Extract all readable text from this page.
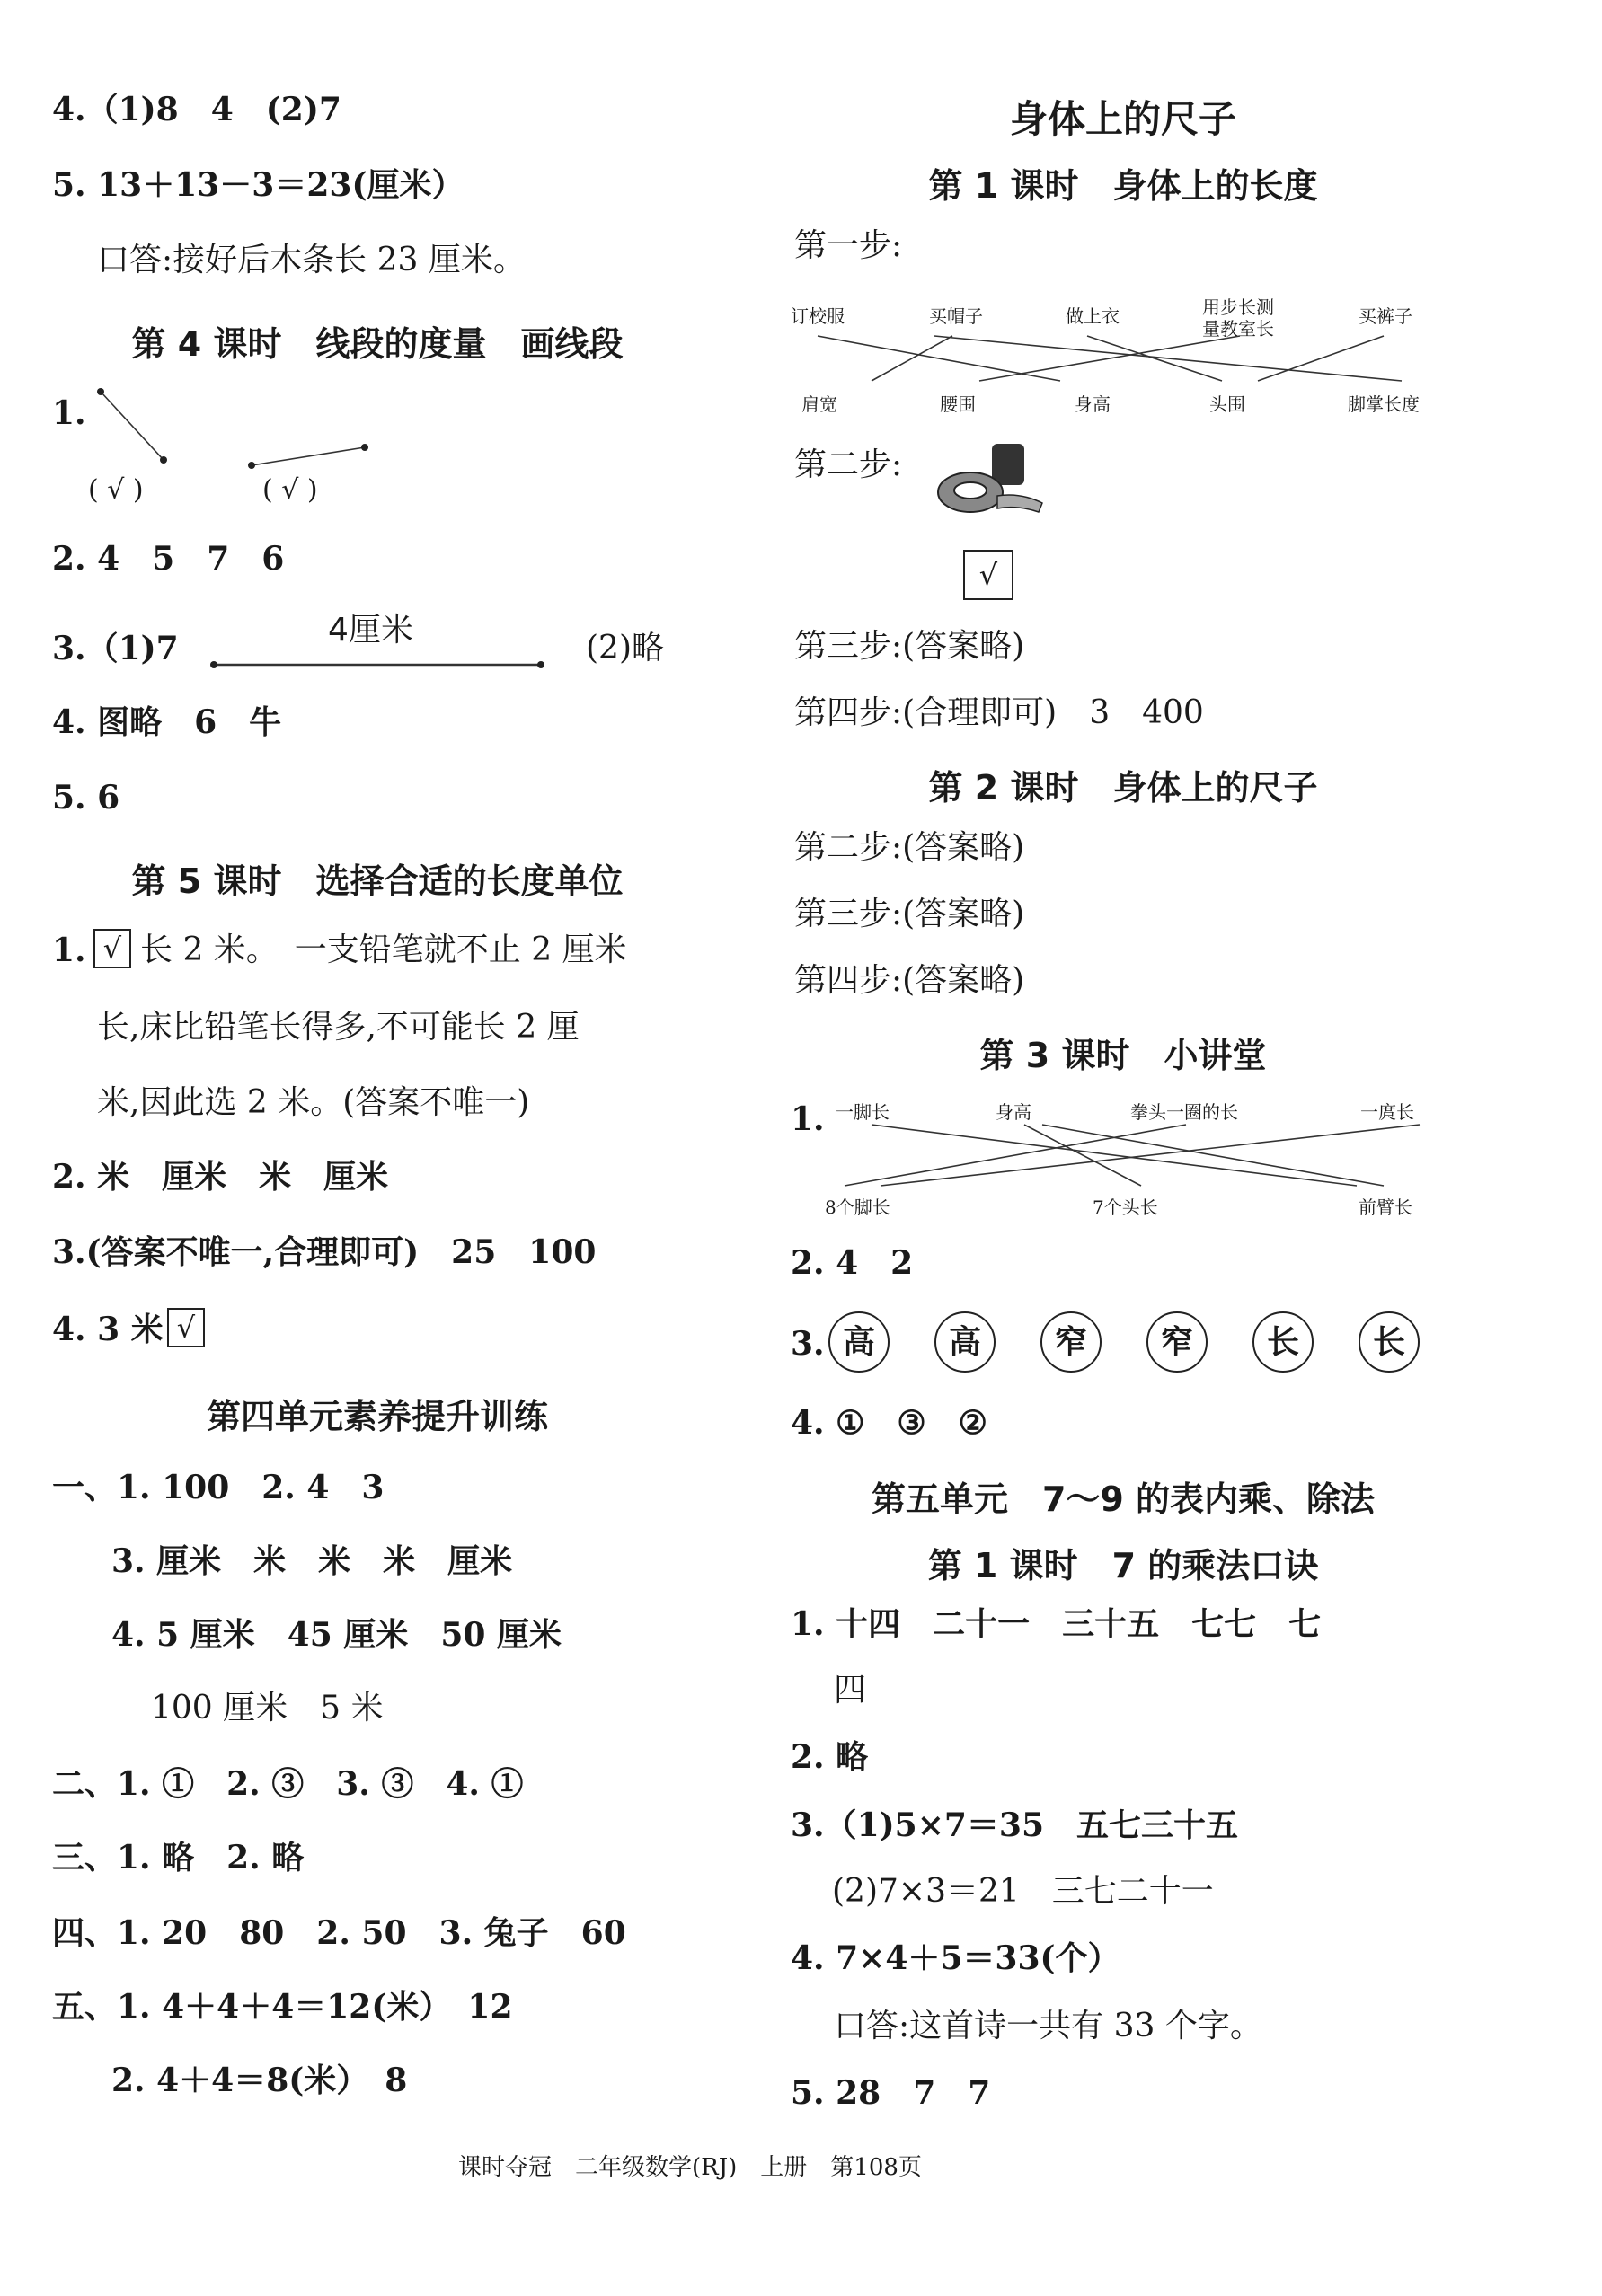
4.（1)8　4　(2)7
5. 13＋13－3＝23(厘米）
口答:接好后木条长 23 厘米。
第 4 课时　线段的度量　画线段
1.
( √ )	( √ )
2. 4　5　7　6
3.（1)7	4厘米	(2)略
4. 图略　6　牛
5. 6
第 5 课时　选择合适的长度单位
1. √ 长 2 米。　一支铅笔就不止 2 厘米
长,床比铅笔长得多,不可能长 2 厘
米,因此选 2 米。(答案不唯一)
2. 米　厘米　米　厘米
3.(答案不唯一,合理即可)　25　100
4. 3 米 √
第四单元素养提升训练
一、1. 100　2. 4　3
3. 厘米　米　米　米　厘米
4. 5 厘米　45 厘米　50 厘米
100 厘米　5 米
二、1. ①　2. ③　3. ③　4. ①
三、1. 略　2. 略
四、1. 20　80　2. 50　3. 兔子　60
五、1. 4＋4＋4＝12(米）　12
2. 4＋4＝8(米）　8
身体上的尺子
第 1 课时　身体上的长度
第一步:
订校服	买帽子	做上衣	用步长测
量教室长
买裤子
肩宽	腰围	身高	头围	脚掌长度
第二步:
√
第三步:(答案略)
第四步:(合理即可)　3　400
第 2 课时　身体上的尺子
第二步:(答案略)
第三步:(答案略)
第四步:(答案略)
第 3 课时　小讲堂
1. 一脚长	身高	拳头一圈的长	一庹长
8个脚长	7个头长	前臂长
2. 4　2
3. 高	高	窄	窄	长	长
4. ①　③　②
第五单元　7～9 的表内乘、除法
第 1 课时　7 的乘法口诀
1. 十四　二十一　三十五　七七　七
四
2. 略
3.（1)5×7＝35　五七三十五
(2)7×3＝21　三七二十一
4. 7×4＋5＝33(个）
口答:这首诗一共有 33 个字。
5. 28　7　7
课时夺冠　二年级数学(RJ)　上册　第108页
